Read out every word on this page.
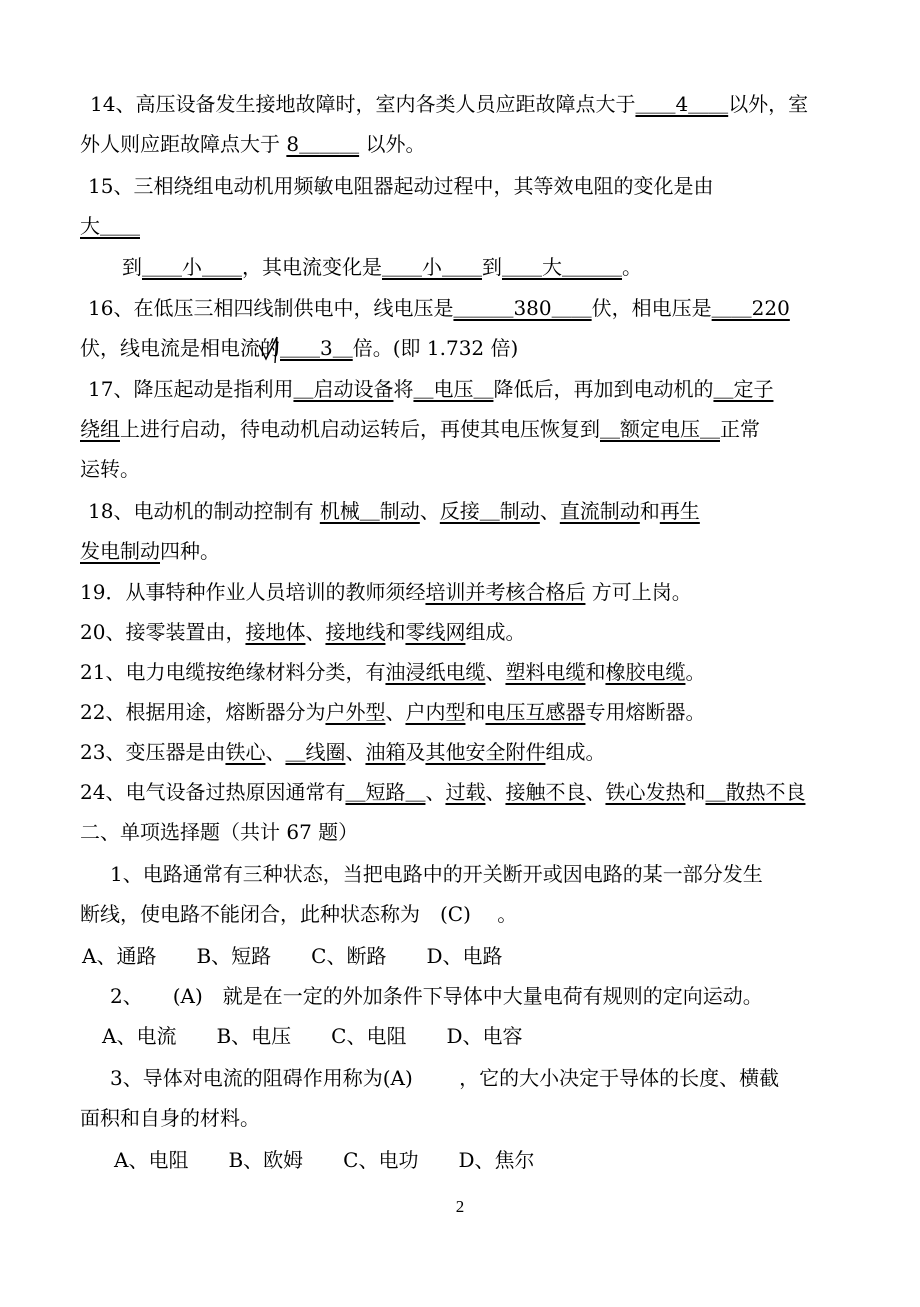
14、高压设备发生接地故障时，室内各类人员应距故障点大于＿＿4＿＿以外，室
外人则应距故障点大于 8＿＿＿ 以外。
15、三相绕组电动机用频敏电阻器起动过程中，其等效电阻的变化是由
大＿＿
到＿＿小＿＿，其电流变化是＿＿小＿＿到＿＿大＿＿＿。
16、在低压三相四线制供电中，线电压是＿＿＿380＿＿伏，相电压是＿＿220
伏，线电流是相电流的＿＿3＿倍。(即 1.732 倍)
17、降压起动是指利用＿启动设备将＿电压＿降低后，再加到电动机的＿定子
绕组上进行启动，待电动机启动运转后，再使其电压恢复到＿额定电压＿正常
运转。
18、电动机的制动控制有 机械＿制动、反接＿制动、直流制动和再生
发电制动四种。
19．从事特种作业人员培训的教师须经培训并考核合格后 方可上岗。
20、接零装置由，接地体、接地线和零线网组成。
21、电力电缆按绝缘材料分类，有油浸纸电缆、塑料电缆和橡胶电缆。
22、根据用途，熔断器分为户外型、户内型和电压互感器专用熔断器。
23、变压器是由铁心、＿线圈、油箱及其他安全附件组成。
24、电气设备过热原因通常有＿短路＿、过载、接触不良、铁心发热和＿散热不良
二、单项选择题（共计 67 题）
1、电路通常有三种状态，当把电路中的开关断开或因电路的某一部分发生
断线，使电路不能闭合，此种状态称为　(C)　 。
A、通路　　B、短路　　C、断路　　D、电路
2、　　(A)　就是在一定的外加条件下导体中大量电荷有规则的定向运动。
A、电流　　B、电压　　C、电阻　　D、电容
3、导体对电流的阻碍作用称为(A)　　 ，它的大小决定于导体的长度、横截
面积和自身的材料。
A、电阻　　B、欧姆　　C、电功　　D、焦尔
2
